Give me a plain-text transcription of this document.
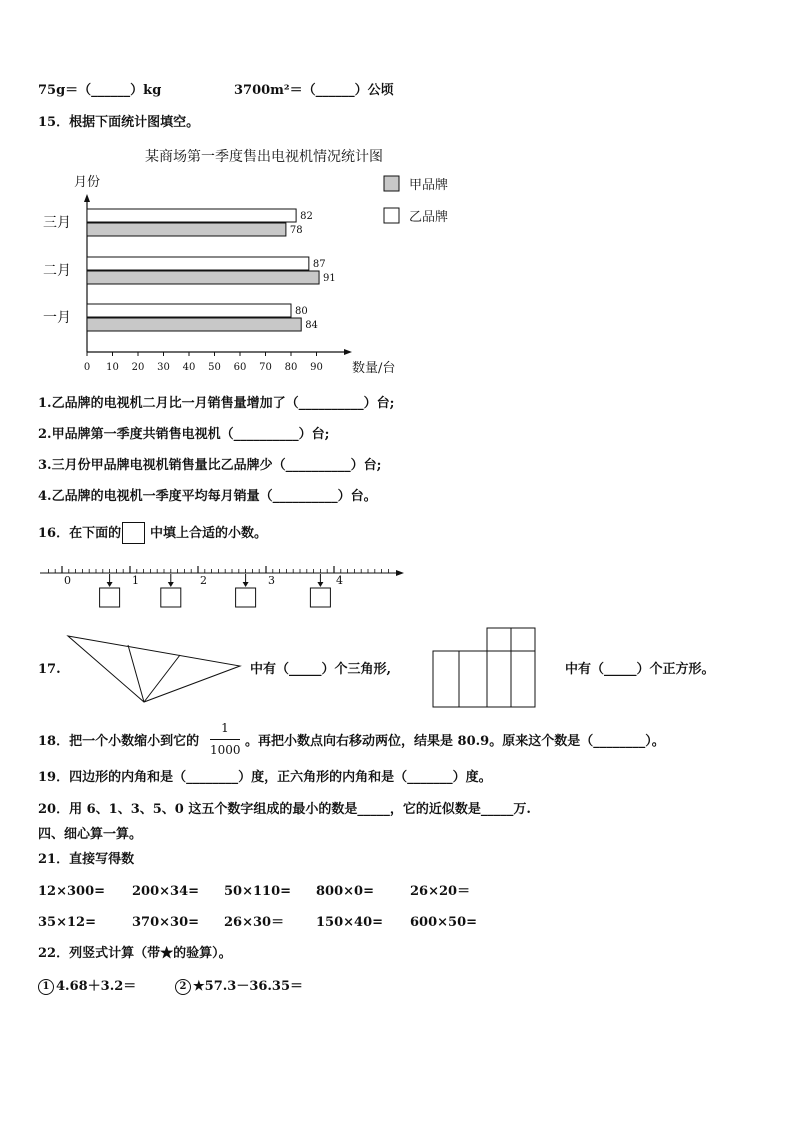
75g＝（______）kg	3700m²＝（______）公顷
15．根据下面统计图填空。
某商场第一季度售出电视机情况统计图
月份
数量/台
0 10 20 30 40 50 60 70 80 90
三月
二月
一月
82
78
87
91
80
84
甲品牌
乙品牌
1.乙品牌的电视机二月比一月销售量增加了（__________）台;
2.甲品牌第一季度共销售电视机（__________）台;
3.三月份甲品牌电视机销售量比乙品牌少（__________）台;
4.乙品牌的电视机一季度平均每月销量（__________）台。
16．在下面的 中填上合适的小数。
0	1	2	3	4
17.	中有（_____）个三角形,	中有（_____）个正方形。
18．把一个小数缩小到它的
1
1000
。再把小数点向右移动两位，结果是 80.9。原来这个数是（________）。
19．四边形的内角和是（________）度，正六角形的内角和是（_______）度。
20．用 6、1、3、5、0 这五个数字组成的最小的数是_____，它的近似数是_____万.
四、细心算一算。
21．直接写得数
12×300= 200×34= 50×110= 800×0=	26×20＝
35×12=	370×30= 26×30＝ 150×40= 600×50=
22．列竖式计算（带★的验算）。
1 4.68＋3.2＝	2 ★57.3－36.35＝
